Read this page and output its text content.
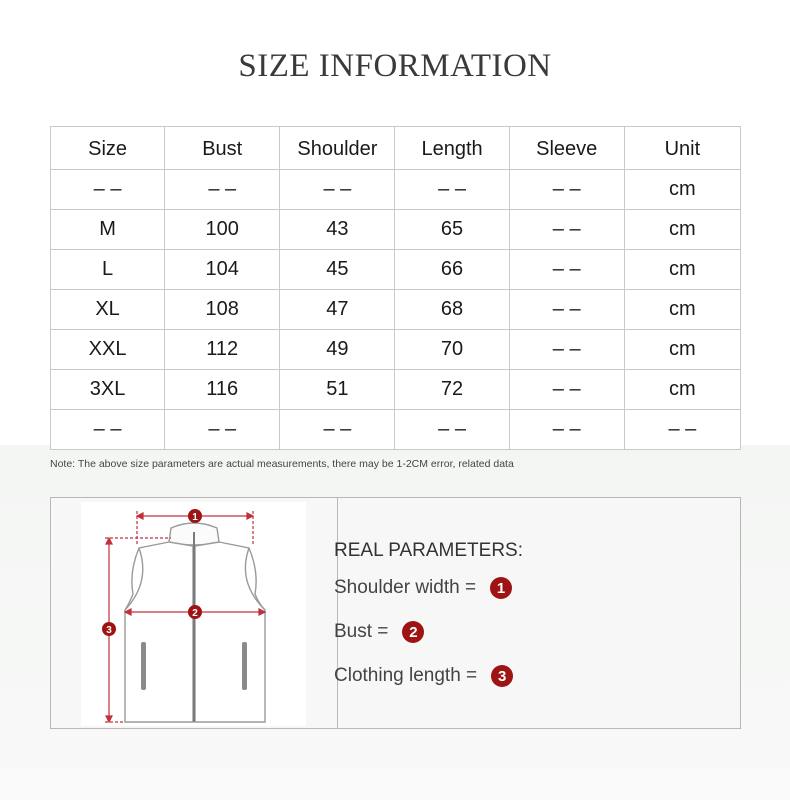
SIZE INFORMATION
Size	Bust	Shoulder	Length	Sleeve	Unit
– –	– –	– –	– –	– –	cm
M	100	43	65	– –	cm
L	104	45	66	– –	cm
XL	108	47	68	– –	cm
XXL	112	49	70	– –	cm
3XL	116	51	72	– –	cm
– –	– –	– –	– –	– –	– –
Note: The above size parameters are actual measurements, there may be 1-2CM error, related data
1
2
3
REAL PARAMETERS:
Shoulder width =	1
Bust =	2
Clothing length =	3
